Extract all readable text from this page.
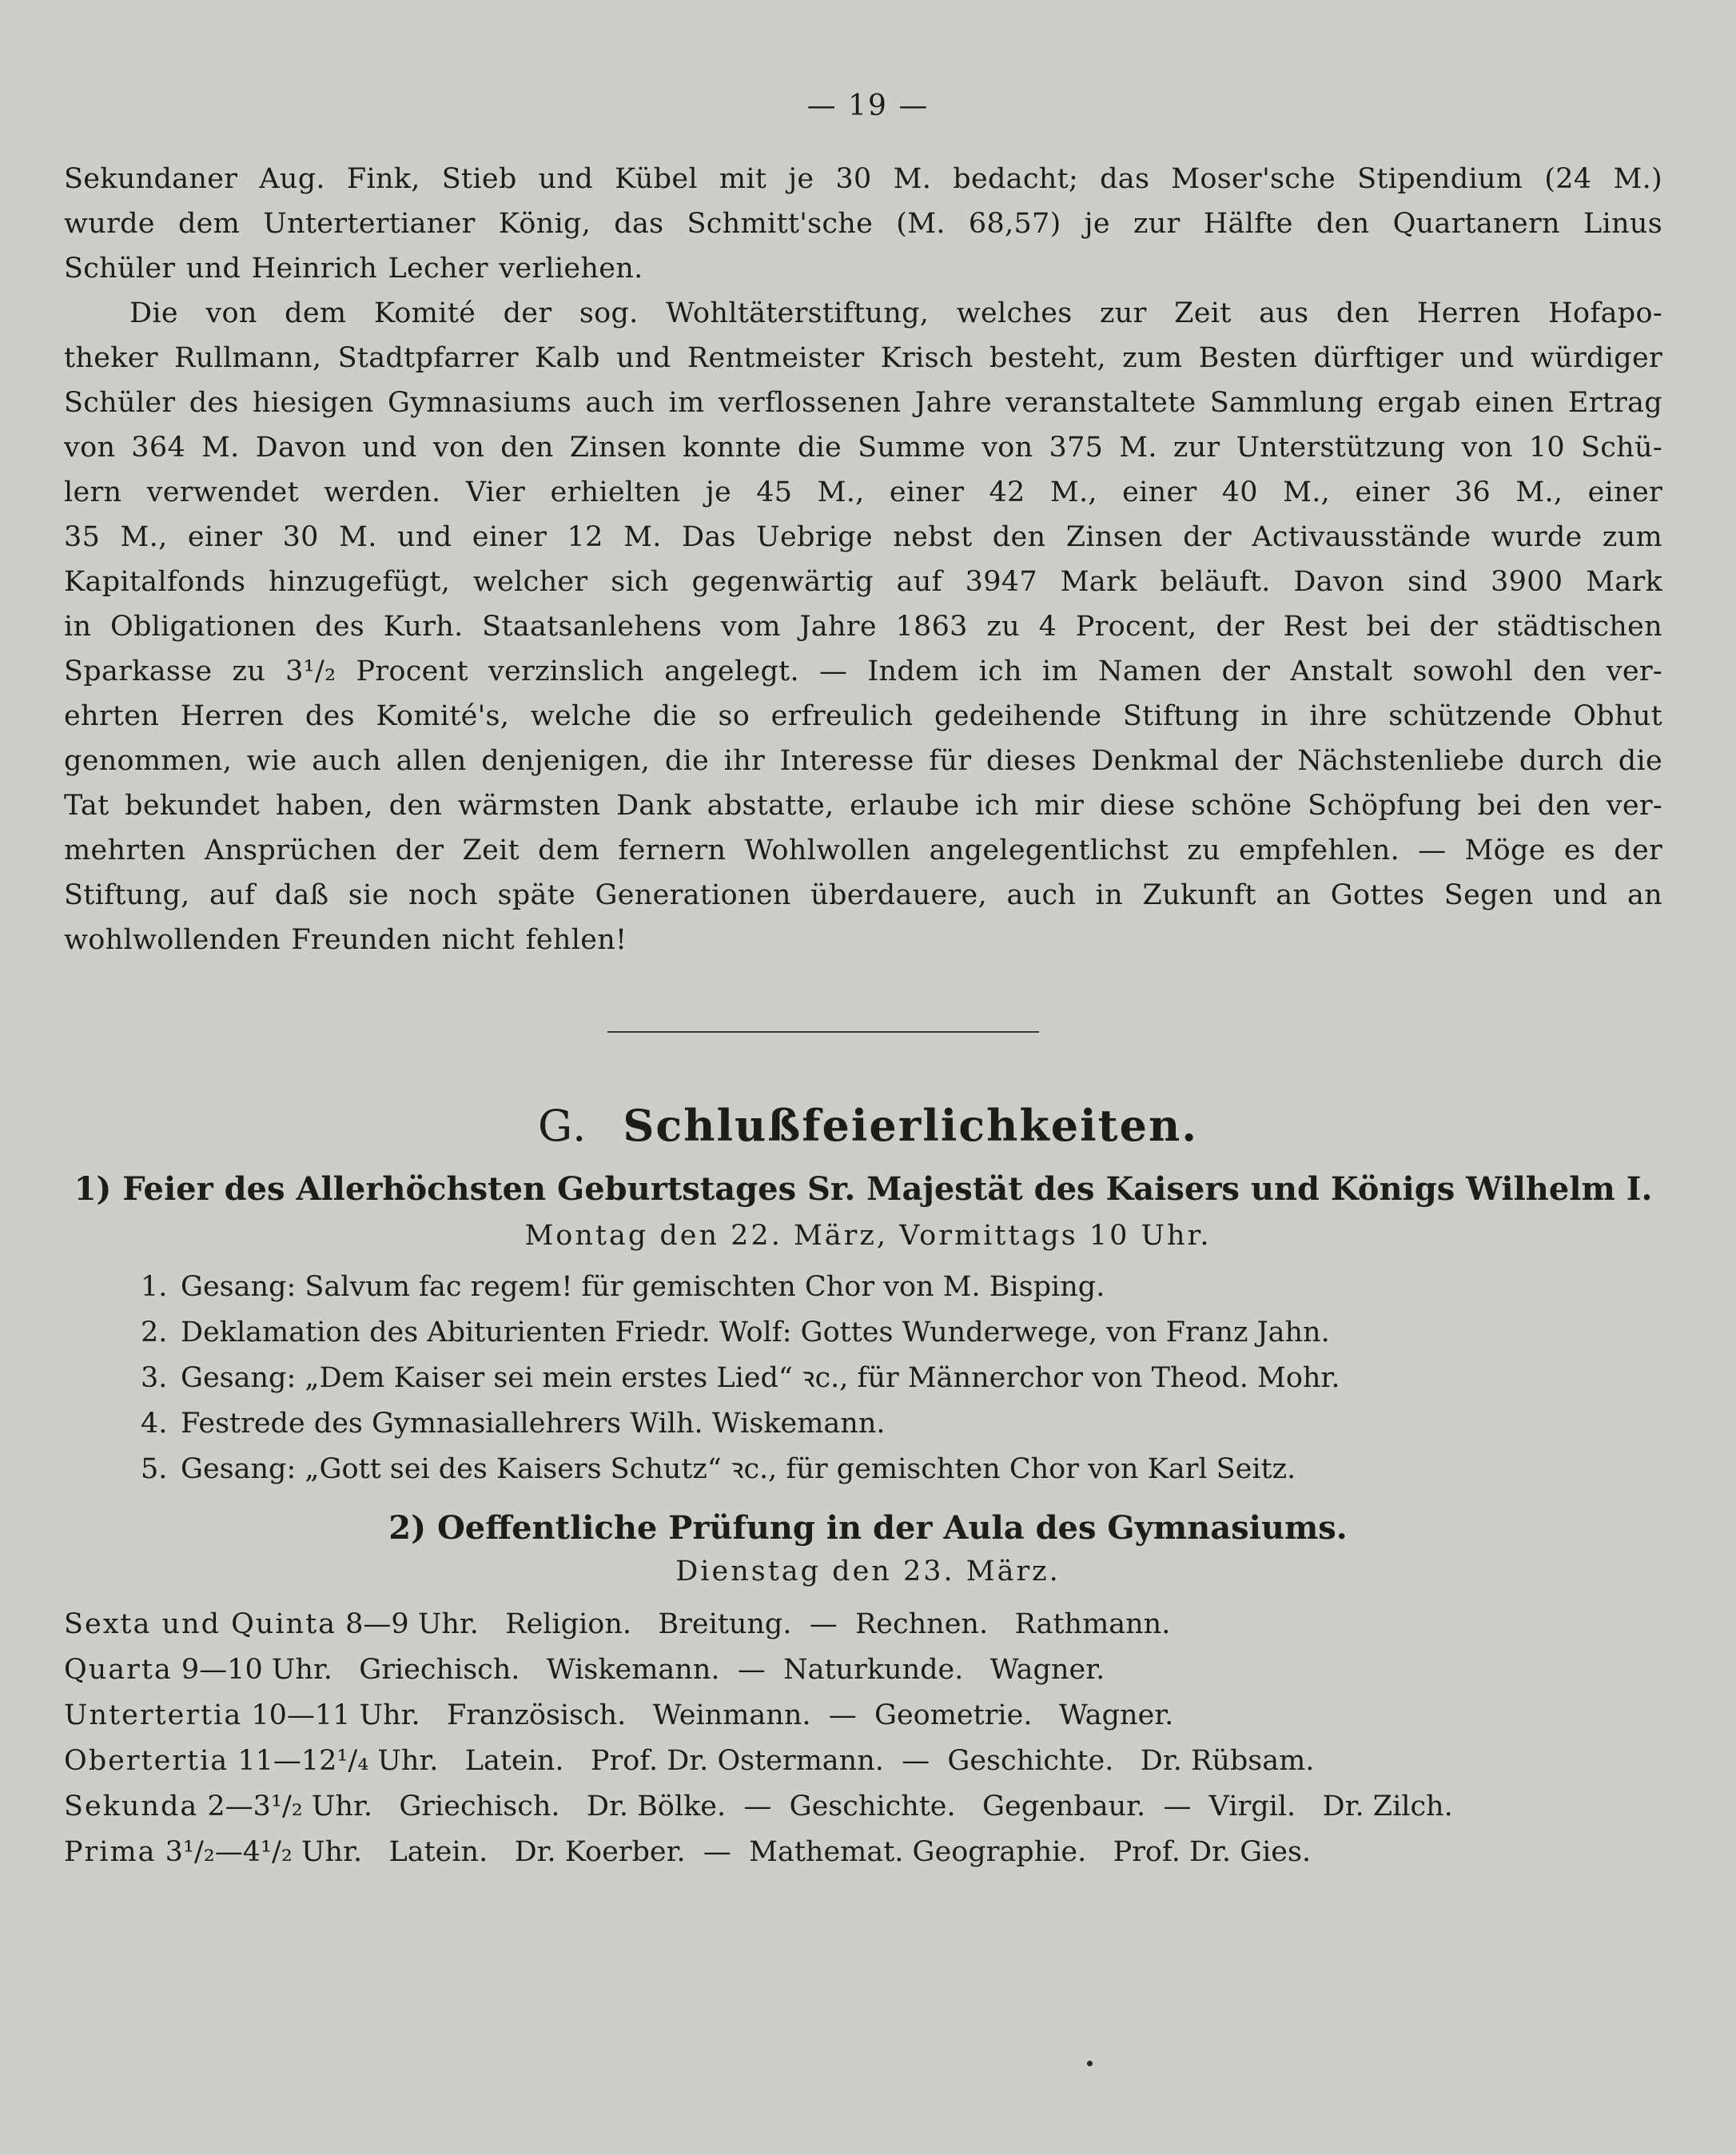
— 19 —
Sekundaner Aug. Fink, Stieb und Kübel mit je 30 M. bedacht; das Moser'sche Stipendium (24 M.)
wurde dem Untertertianer König, das Schmitt'sche (M. 68,57) je zur Hälfte den Quartanern Linus
Schüler und Heinrich Lecher verliehen.
Die von dem Komité der sog. Wohltäterstiftung, welches zur Zeit aus den Herren Hofapo-
theker Rullmann, Stadtpfarrer Kalb und Rentmeister Krisch besteht, zum Besten dürftiger und würdiger
Schüler des hiesigen Gymnasiums auch im verflossenen Jahre veranstaltete Sammlung ergab einen Ertrag
von 364 M. Davon und von den Zinsen konnte die Summe von 375 M. zur Unterstützung von 10 Schü-
lern verwendet werden. Vier erhielten je 45 M., einer 42 M., einer 40 M., einer 36 M., einer
35 M., einer 30 M. und einer 12 M. Das Uebrige nebst den Zinsen der Activausstände wurde zum
Kapitalfonds hinzugefügt, welcher sich gegenwärtig auf 3947 Mark beläuft. Davon sind 3900 Mark
in Obligationen des Kurh. Staatsanlehens vom Jahre 1863 zu 4 Procent, der Rest bei der städtischen
Sparkasse zu 3¹/₂ Procent verzinslich angelegt. — Indem ich im Namen der Anstalt sowohl den ver-
ehrten Herren des Komité's, welche die so erfreulich gedeihende Stiftung in ihre schützende Obhut
genommen, wie auch allen denjenigen, die ihr Interesse für dieses Denkmal der Nächstenliebe durch die
Tat bekundet haben, den wärmsten Dank abstatte, erlaube ich mir diese schöne Schöpfung bei den ver-
mehrten Ansprüchen der Zeit dem fernern Wohlwollen angelegentlichst zu empfehlen. — Möge es der
Stiftung, auf daß sie noch späte Generationen überdauere, auch in Zukunft an Gottes Segen und an
wohlwollenden Freunden nicht fehlen!
G. Schlußfeierlichkeiten.
1) Feier des Allerhöchsten Geburtstages Sr. Majestät des Kaisers und Königs Wilhelm I.
Montag den 22. März, Vormittags 10 Uhr.
1. Gesang: Salvum fac regem! für gemischten Chor von M. Bisping.
2. Deklamation des Abiturienten Friedr. Wolf: Gottes Wunderwege, von Franz Jahn.
3. Gesang: „Dem Kaiser sei mein erstes Lied“ ꝛc., für Männerchor von Theod. Mohr.
4. Festrede des Gymnasiallehrers Wilh. Wiskemann.
5. Gesang: „Gott sei des Kaisers Schutz“ ꝛc., für gemischten Chor von Karl Seitz.
2) Oeffentliche Prüfung in der Aula des Gymnasiums.
Dienstag den 23. März.
Sexta und Quinta 8—9 Uhr.   Religion.   Breitung.  —  Rechnen.   Rathmann.
Quarta 9—10 Uhr.   Griechisch.   Wiskemann.  —  Naturkunde.   Wagner.
Untertertia 10—11 Uhr.   Französisch.   Weinmann.  —  Geometrie.   Wagner.
Obertertia 11—12¹/₄ Uhr.   Latein.   Prof. Dr. Ostermann.  —  Geschichte.   Dr. Rübsam.
Sekunda 2—3¹/₂ Uhr.   Griechisch.   Dr. Bölke.  —  Geschichte.   Gegenbaur.  —  Virgil.   Dr. Zilch.
Prima 3¹/₂—4¹/₂ Uhr.   Latein.   Dr. Koerber.  —  Mathemat. Geographie.   Prof. Dr. Gies.
